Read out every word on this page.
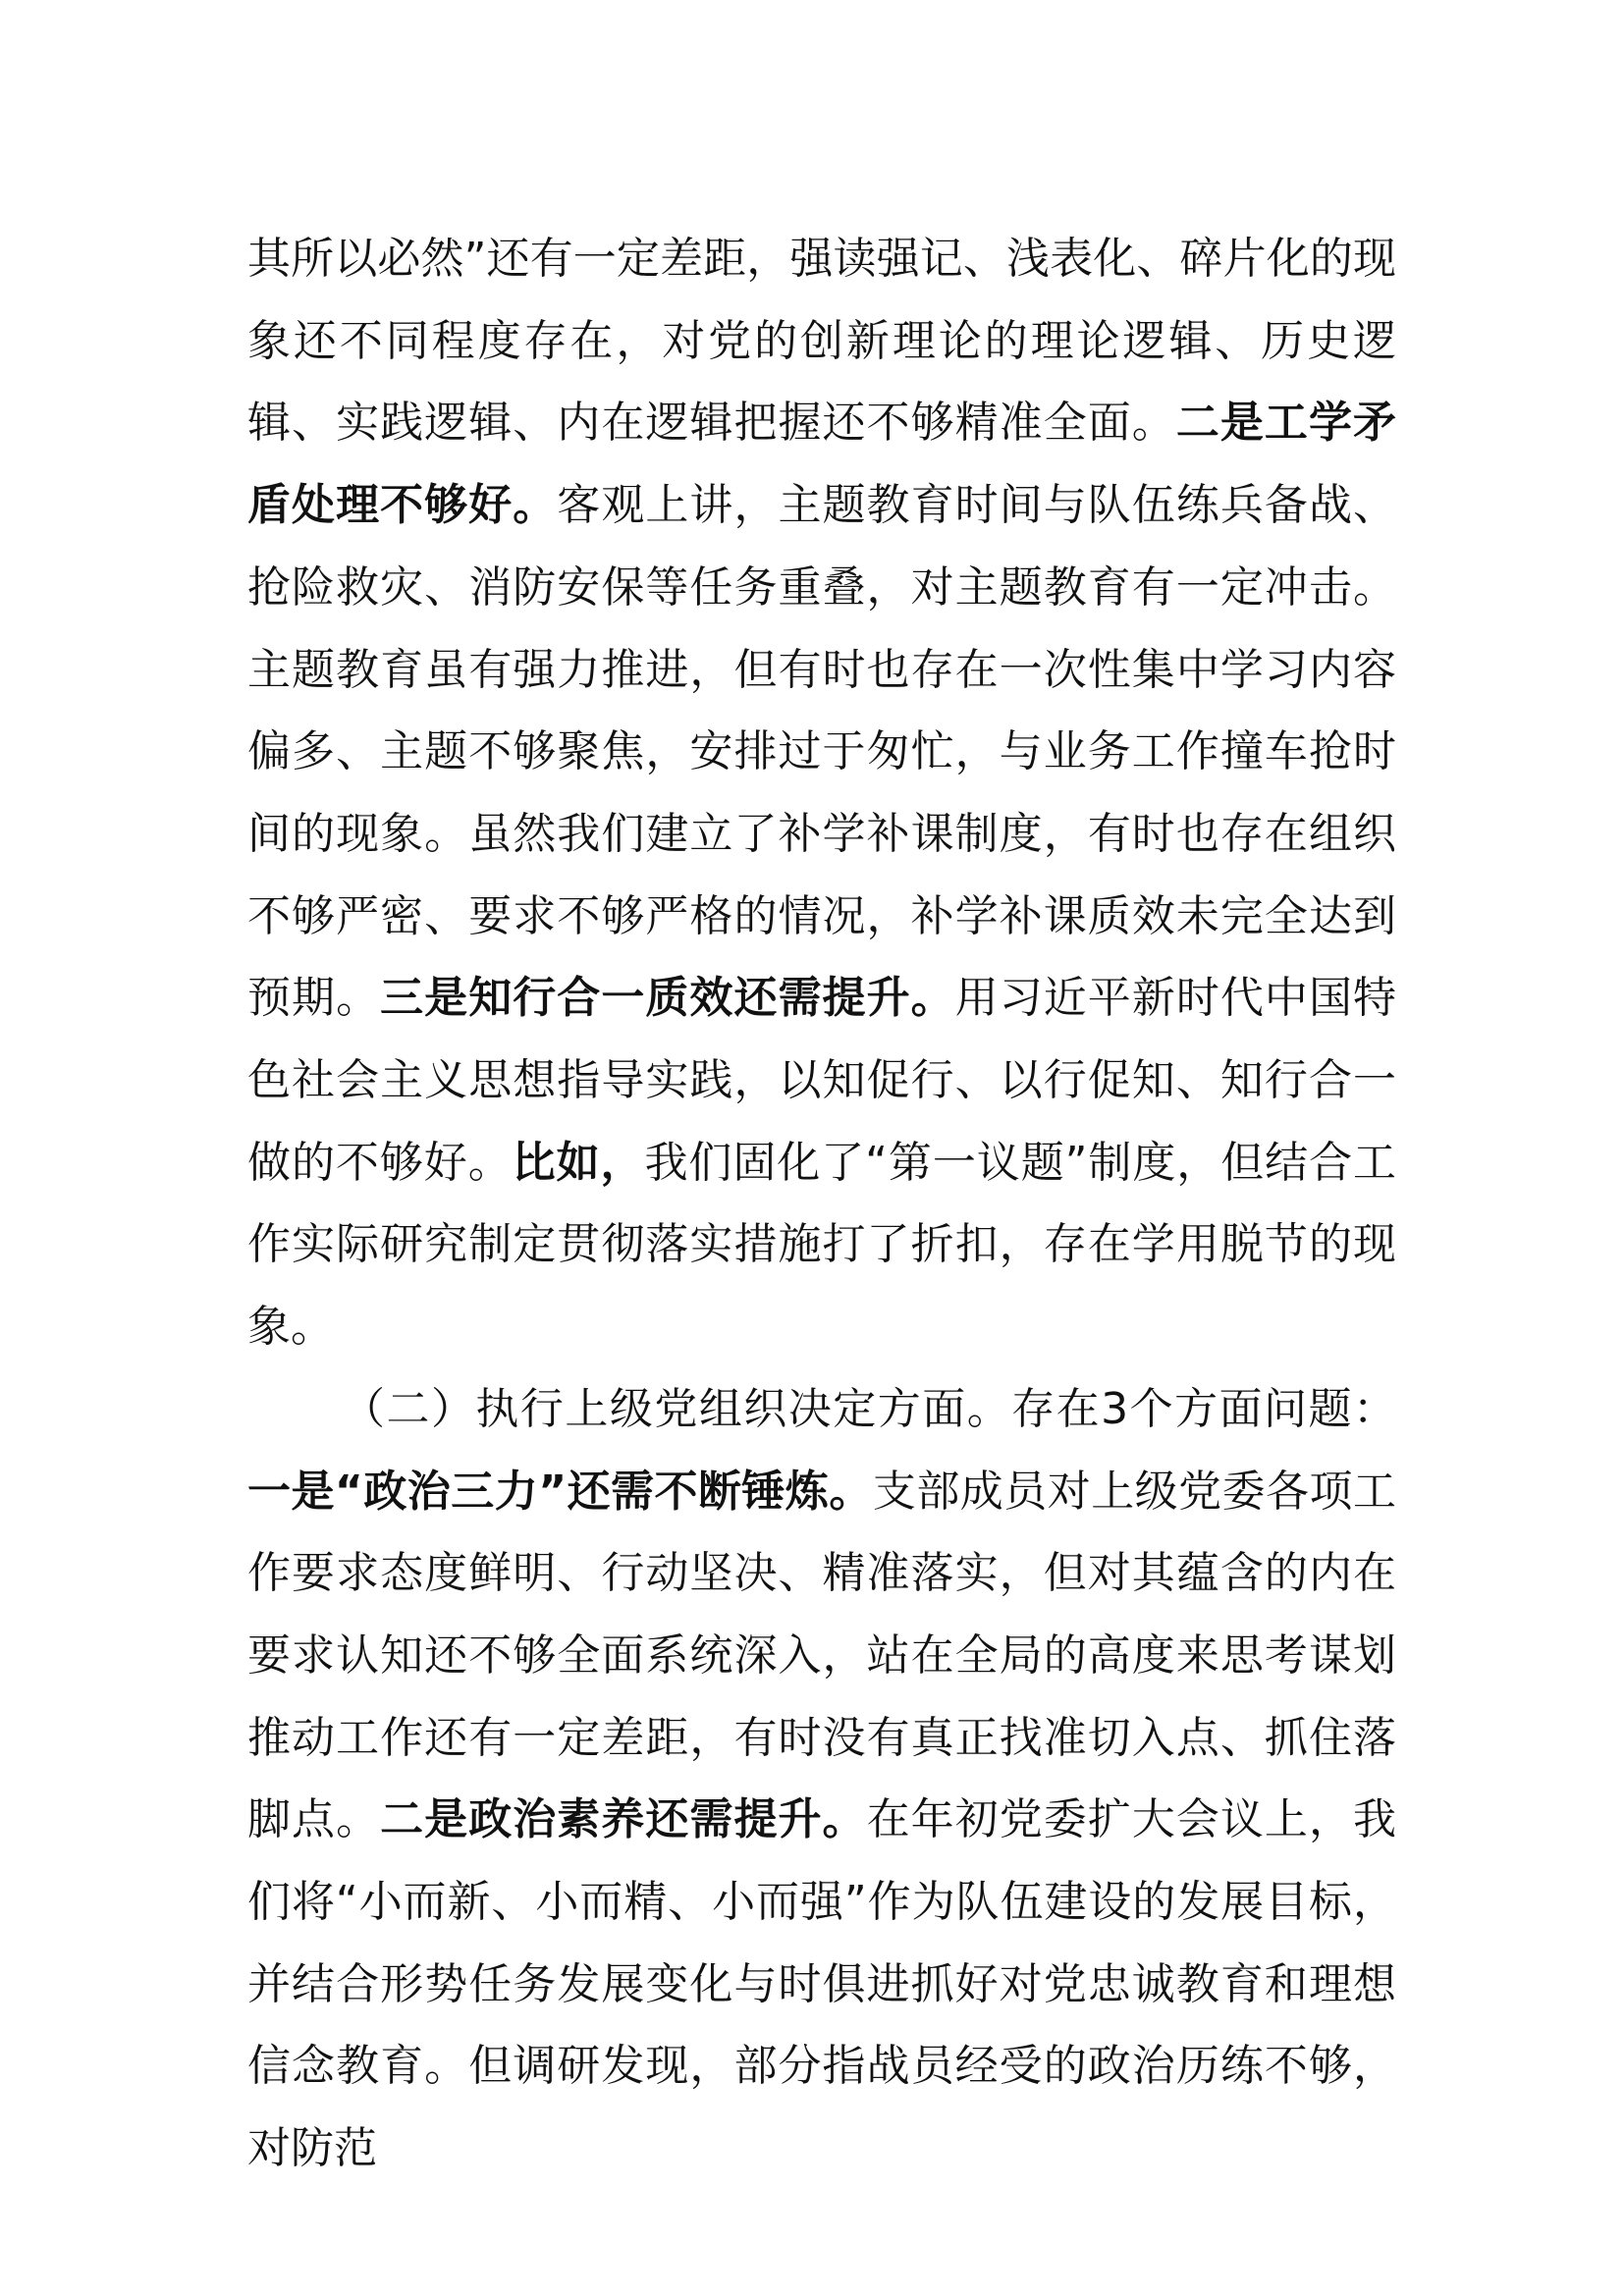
其所以必然”还有一定差距，强读强记、浅表化、碎片化的现象还不同程度存在，对党的创新理论的理论逻辑、历史逻辑、实践逻辑、内在逻辑把握还不够精准全面。二是工学矛盾处理不够好。客观上讲，主题教育时间与队伍练兵备战、抢险救灾、消防安保等任务重叠，对主题教育有一定冲击。主题教育虽有强力推进，但有时也存在一次性集中学习内容偏多、主题不够聚焦，安排过于匆忙，与业务工作撞车抢时间的现象。虽然我们建立了补学补课制度，有时也存在组织不够严密、要求不够严格的情况，补学补课质效未完全达到预期。三是知行合一质效还需提升。用习近平新时代中国特色社会主义思想指导实践，以知促行、以行促知、知行合一做的不够好。比如，我们固化了“第一议题”制度，但结合工作实际研究制定贯彻落实措施打了折扣，存在学用脱节的现象。

（二）执行上级党组织决定方面。存在3个方面问题：一是“政治三力”还需不断锤炼。支部成员对上级党委各项工作要求态度鲜明、行动坚决、精准落实，但对其蕴含的内在要求认知还不够全面系统深入，站在全局的高度来思考谋划推动工作还有一定差距，有时没有真正找准切入点、抓住落脚点。二是政治素养还需提升。在年初党委扩大会议上，我们将“小而新、小而精、小而强”作为队伍建设的发展目标，并结合形势任务发展变化与时俱进抓好对党忠诚教育和理想信念教育。但调研发现，部分指战员经受的政治历练不够，对防范
